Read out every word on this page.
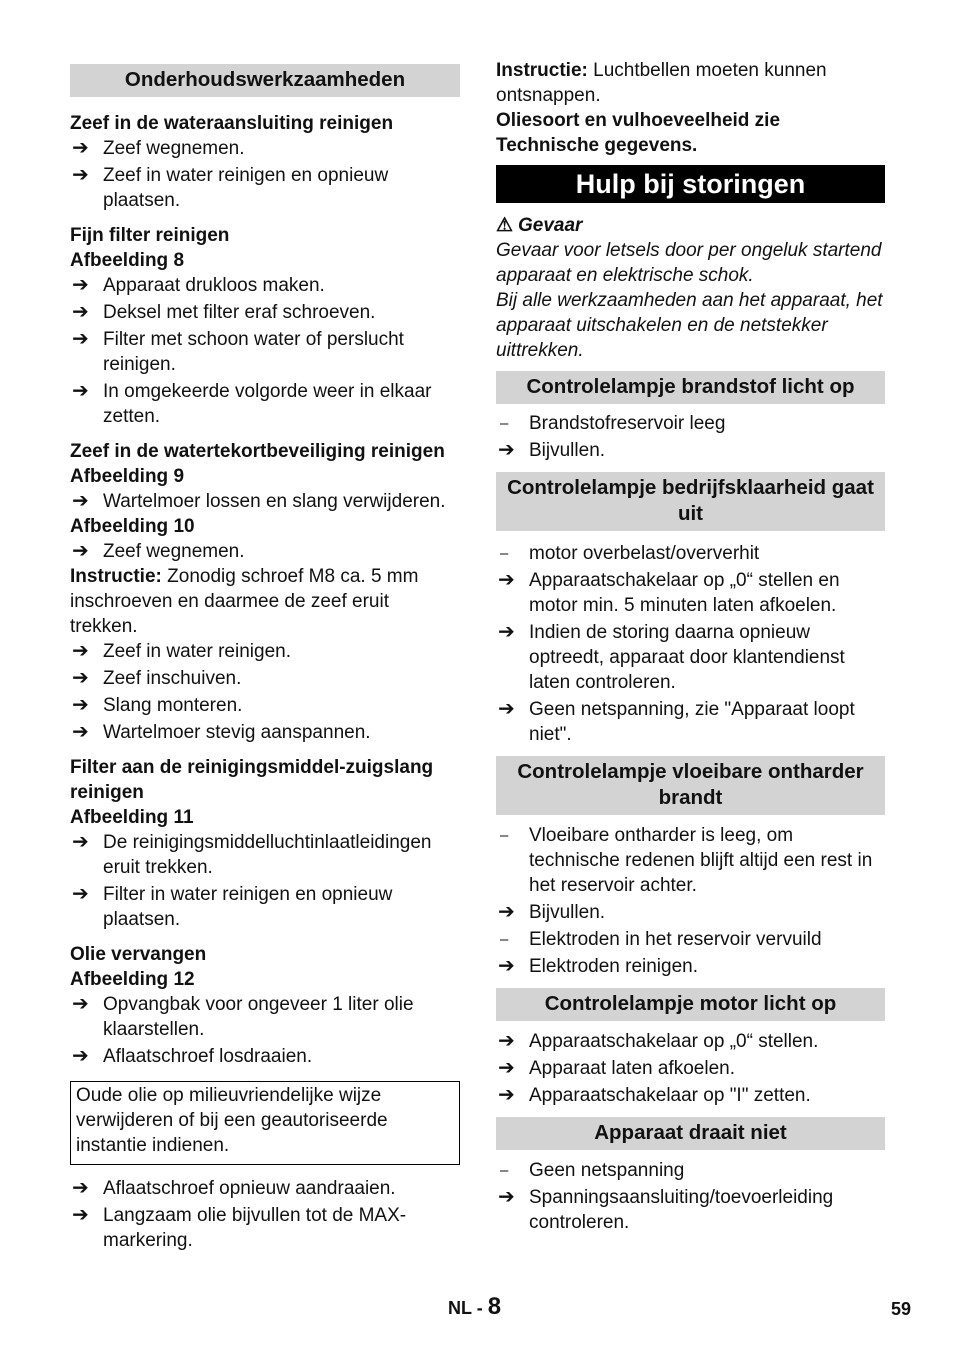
Onderhoudswerkzaamheden
Zeef in de wateraansluiting reinigen
➔ Zeef wegnemen.
➔ Zeef in water reinigen en opnieuw plaatsen.
Fijn filter reinigen
Afbeelding 8
➔ Apparaat drukloos maken.
➔ Deksel met filter eraf schroeven.
➔ Filter met schoon water of perslucht reinigen.
➔ In omgekeerde volgorde weer in elkaar zetten.
Zeef in de watertekortbeveiliging reinigen
Afbeelding 9
➔ Wartelmoer lossen en slang verwijderen.
Afbeelding 10
➔ Zeef wegnemen.
Instructie: Zonodig schroef M8 ca. 5 mm inschroeven en daarmee de zeef eruit trekken.
➔ Zeef in water reinigen.
➔ Zeef inschuiven.
➔ Slang monteren.
➔ Wartelmoer stevig aanspannen.
Filter aan de reinigingsmiddel-zuigslang reinigen
Afbeelding 11
➔ De reinigingsmiddelluchtinlaatleidingen eruit trekken.
➔ Filter in water reinigen en opnieuw plaatsen.
Olie vervangen
Afbeelding 12
➔ Opvangbak voor ongeveer 1 liter olie klaarstellen.
➔ Aflaatschroef losdraaien.
Oude olie op milieuvriendelijke wijze verwijderen of bij een geautoriseerde instantie indienen.
➔ Aflaatschroef opnieuw aandraaien.
➔ Langzaam olie bijvullen tot de MAX-markering.
Instructie: Luchtbellen moeten kunnen ontsnappen.
Oliesoort en vulhoeveelheid zie Technische gegevens.
Hulp bij storingen
⚠ Gevaar
Gevaar voor letsels door per ongeluk startend apparaat en elektrische schok.
Bij alle werkzaamheden aan het apparaat, het apparaat uitschakelen en de netstekker uittrekken.
Controlelampje brandstof licht op
–	Brandstofreservoir leeg
➔ Bijvullen.
Controlelampje bedrijfsklaarheid gaat uit
–	motor overbelast/oververhit
➔ Apparaatschakelaar op „0“ stellen en motor min. 5 minuten laten afkoelen.
➔ Indien de storing daarna opnieuw optreedt, apparaat door klantendienst laten controleren.
➔ Geen netspanning, zie "Apparaat loopt niet".
Controlelampje vloeibare ontharder brandt
–	Vloeibare ontharder is leeg, om technische redenen blijft altijd een rest in het reservoir achter.
➔ Bijvullen.
–	Elektroden in het reservoir vervuild
➔ Elektroden reinigen.
Controlelampje motor licht op
➔ Apparaatschakelaar op „0“ stellen.
➔ Apparaat laten afkoelen.
➔ Apparaatschakelaar op "I" zetten.
Apparaat draait niet
–	Geen netspanning
➔ Spanningsaansluiting/toevoerleiding controleren.
NL - 8	59
